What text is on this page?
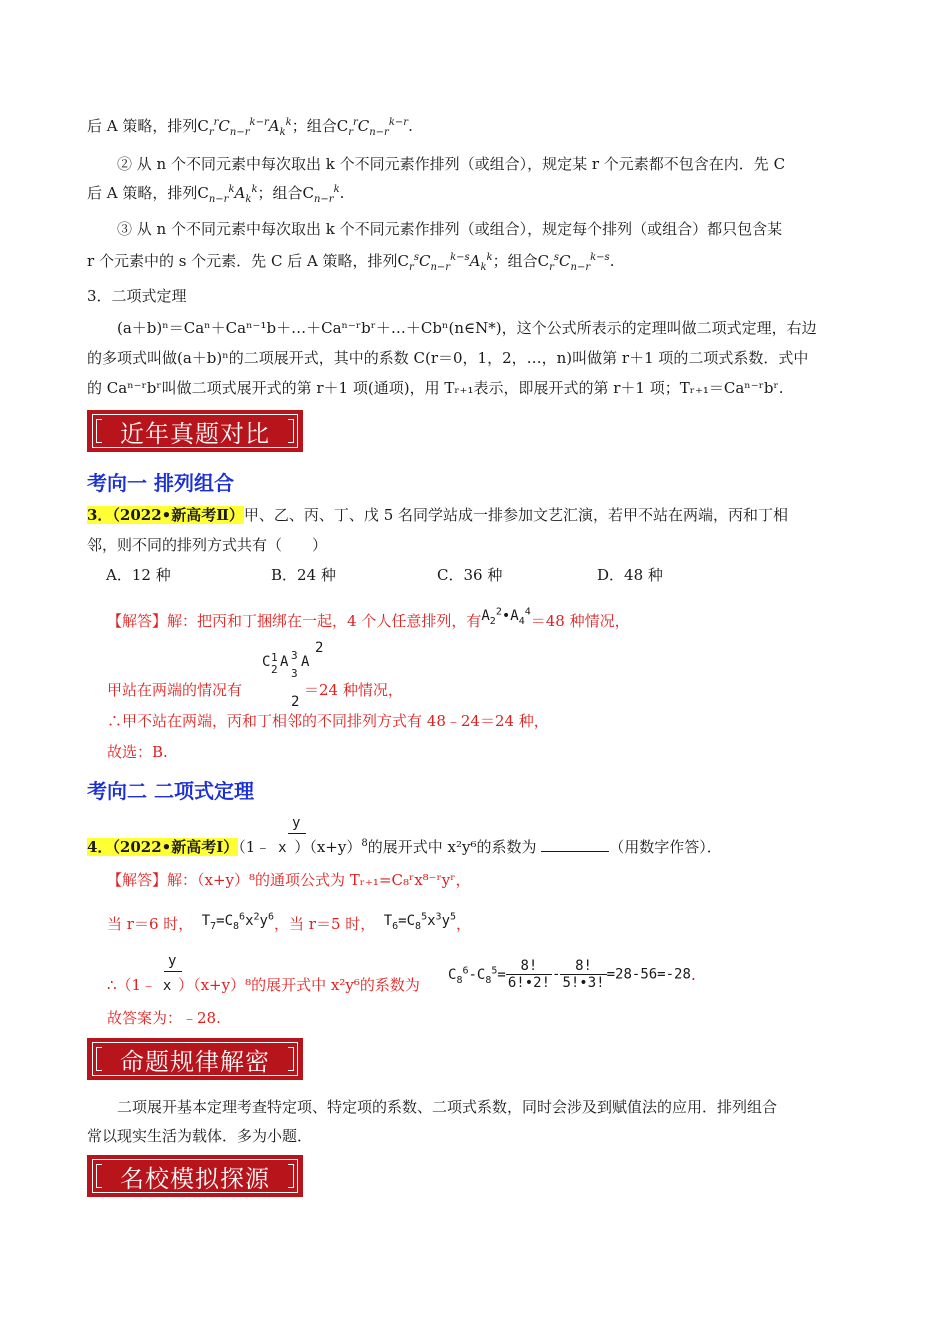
后 A 策略，排列$C_r^rC_{n-r}^{k-r}A_k^k$；组合$C_r^rC_{n-r}^{k-r}$.
② 从 n 个不同元素中每次取出 k 个不同元素作排列（或组合），规定某 r 个元素都不包含在内．先 C
后 A 策略，排列$C_{n-r}^kA_k^k$；组合$C_{n-r}^k$.
③ 从 n 个不同元素中每次取出 k 个不同元素作排列（或组合），规定每个排列（或组合）都只包含某
r 个元素中的 s 个元素．先 C 后 A 策略，排列$C_r^sC_{n-r}^{k-s}A_k^k$；组合$C_r^sC_{n-r}^{k-s}$.
3．二项式定理
(a＋b)ⁿ＝Caⁿ＋Caⁿ⁻¹b＋…＋Caⁿ⁻ʳbʳ＋…＋Cbⁿ(n∈N*)，这个公式所表示的定理叫做二项式定理，右边
的多项式叫做(a＋b)ⁿ的二项展开式，其中的系数 C(r＝0，1，2，…，n)叫做第 r＋1 项的二项式系数．式中
的 Caⁿ⁻ʳbʳ叫做二项式展开式的第 r＋1 项(通项)，用 Tᵣ₊₁表示，即展开式的第 r＋1 项；Tᵣ₊₁＝Caⁿ⁻ʳbʳ.
近年真题对比
考向一 排列组合
3．（2022•新高考Ⅱ）甲、乙、丙、丁、戊 5 名同学站成一排参加文艺汇演，若甲不站在两端，丙和丁相
邻，则不同的排列方式共有（　　）
A．12 种	B．24 种	C．36 种	D．48 种
【解答】解：把丙和丁捆绑在一起，4 个人任意排列，有$A_2^2•A_4^4=48$ 种情况，
2
C 1
2 A 3
3
A
甲站在两端的情况有
2
＝24 种情况，
∴甲不站在两端，丙和丁相邻的不同排列方式有 48﹣24＝24 种，
故选：B.
考向二 二项式定理
y
4．（2022•新高考Ⅰ）（1﹣ x ）$(x+y)^8$的展开式中 x²y⁶的系数为	（用数字作答）．
【解答】解：（x+y）⁸的通项公式为 Tᵣ₊₁=C₈ʳx⁸⁻ʳyʳ，
当 r＝6 时， $T_7=C_8^6x^2y^6$，当 r＝5 时， $T_6=C_8^5x^3y^5$，
y
∴（1﹣ x ）（x+y）⁸的展开式中 x²y⁶的系数为
$C_8^6-C_8^5= \frac{8!}{6!•2!} - \frac{8!}{5!•3!} =28-56=-28$.
故答案为：﹣28.
命题规律解密
二项展开基本定理考查特定项、特定项的系数、二项式系数，同时会涉及到赋值法的应用．排列组合
常以现实生活为载体．多为小题．
名校模拟探源
